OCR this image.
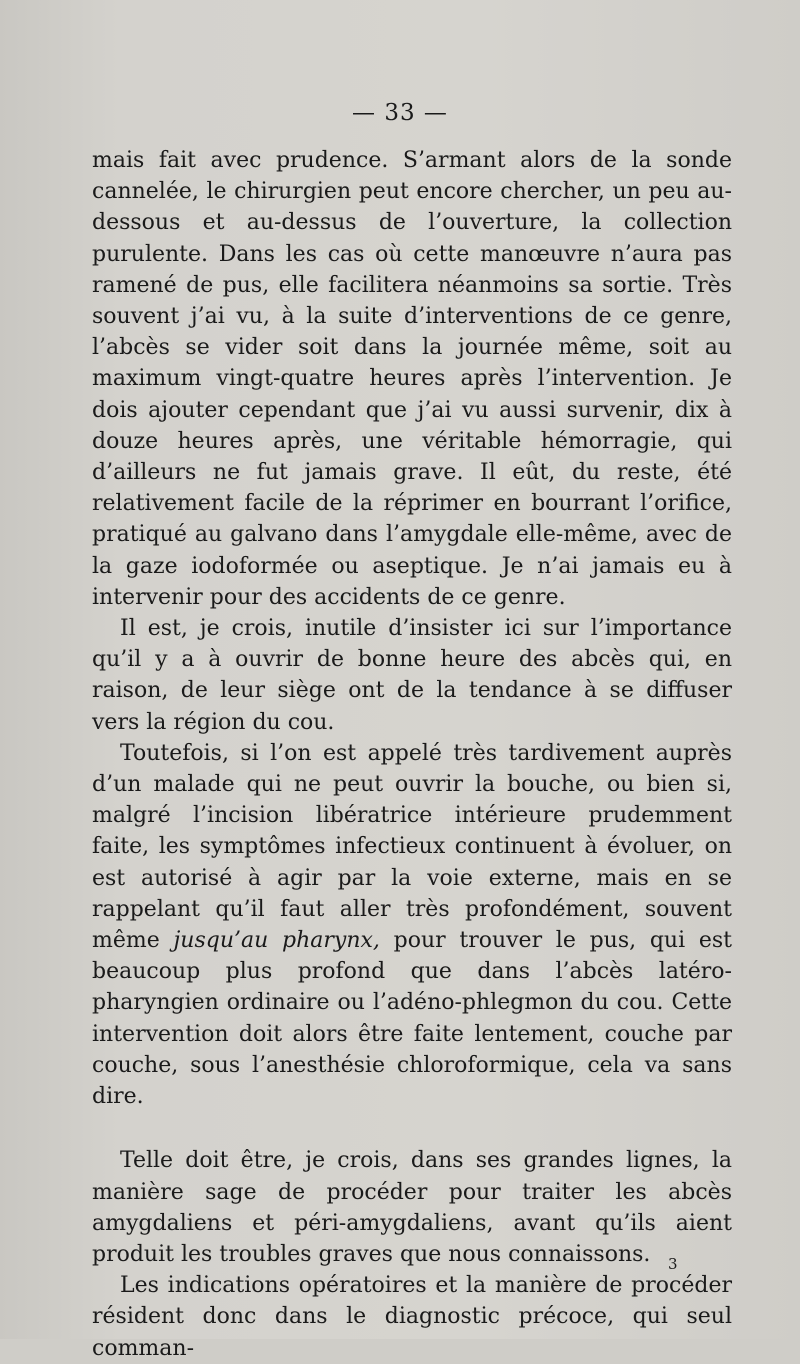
— 33 —

mais fait avec prudence. S’armant alors de la sonde cannelée, le chirurgien peut encore chercher, un peu au-dessous et au-dessus de l’ouverture, la collection purulente. Dans les cas où cette manœuvre n’aura pas ramené de pus, elle facilitera néanmoins sa sortie. Très souvent j’ai vu, à la suite d’interventions de ce genre, l’abcès se vider soit dans la journée même, soit au maximum vingt-quatre heures après l’intervention. Je dois ajouter cependant que j’ai vu aussi survenir, dix à douze heures après, une véritable hémorragie, qui d’ailleurs ne fut jamais grave. Il eût, du reste, été relativement facile de la réprimer en bourrant l’orifice, pratiqué au galvano dans l’amygdale elle-même, avec de la gaze iodoformée ou aseptique. Je n’ai jamais eu à intervenir pour des accidents de ce genre.

Il est, je crois, inutile d’insister ici sur l’importance qu’il y a à ouvrir de bonne heure des abcès qui, en raison, de leur siège ont de la tendance à se diffuser vers la région du cou.

Toutefois, si l’on est appelé très tardivement auprès d’un malade qui ne peut ouvrir la bouche, ou bien si, malgré l’incision libératrice intérieure prudemment faite, les symptômes infectieux continuent à évoluer, on est autorisé à agir par la voie externe, mais en se rappelant qu’il faut aller très profondément, souvent même jusqu’au pharynx, pour trouver le pus, qui est beaucoup plus profond que dans l’abcès latéro-pharyngien ordinaire ou l’adéno-phlegmon du cou. Cette intervention doit alors être faite lentement, couche par couche, sous l’anesthésie chloroformique, cela va sans dire.

Telle doit être, je crois, dans ses grandes lignes, la manière sage de procéder pour traiter les abcès amygdaliens et péri-amygdaliens, avant qu’ils aient produit les troubles graves que nous connaissons.

Les indications opératoires et la manière de procéder résident donc dans le diagnostic précoce, qui seul comman-

3
